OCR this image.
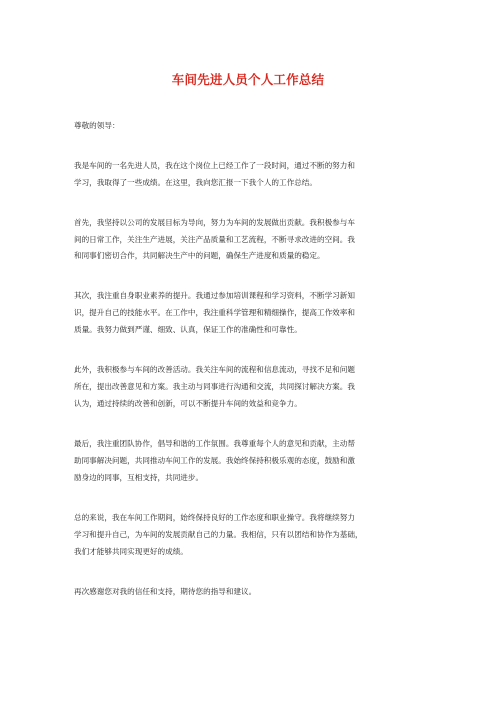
车间先进人员个人工作总结
尊敬的领导：
我是车间的一名先进人员，我在这个岗位上已经工作了一段时间，通过不断的努力和
学习，我取得了一些成绩。在这里，我向您汇报一下我个人的工作总结。
首先，我坚持以公司的发展目标为导向，努力为车间的发展做出贡献。我积极参与车
间的日常工作，关注生产进展，关注产品质量和工艺流程，不断寻求改进的空间。我
和同事们密切合作，共同解决生产中的问题，确保生产进度和质量的稳定。
其次，我注重自身职业素养的提升。我通过参加培训课程和学习资料，不断学习新知
识，提升自己的技能水平。在工作中，我注重科学管理和精细操作，提高工作效率和
质量。我努力做到严谨、细致、认真，保证工作的准确性和可靠性。
此外，我积极参与车间的改善活动。我关注车间的流程和信息流动，寻找不足和问题
所在，提出改善意见和方案。我主动与同事进行沟通和交流，共同探讨解决方案。我
认为，通过持续的改善和创新，可以不断提升车间的效益和竞争力。
最后，我注重团队协作，倡导和谐的工作氛围。我尊重每个人的意见和贡献，主动帮
助同事解决问题，共同推动车间工作的发展。我始终保持积极乐观的态度，鼓励和激
励身边的同事，互相支持，共同进步。
总的来说，我在车间工作期间，始终保持良好的工作态度和职业操守。我将继续努力
学习和提升自己，为车间的发展贡献自己的力量。我相信，只有以团结和协作为基础，
我们才能够共同实现更好的成绩。
再次感谢您对我的信任和支持，期待您的指导和建议。
